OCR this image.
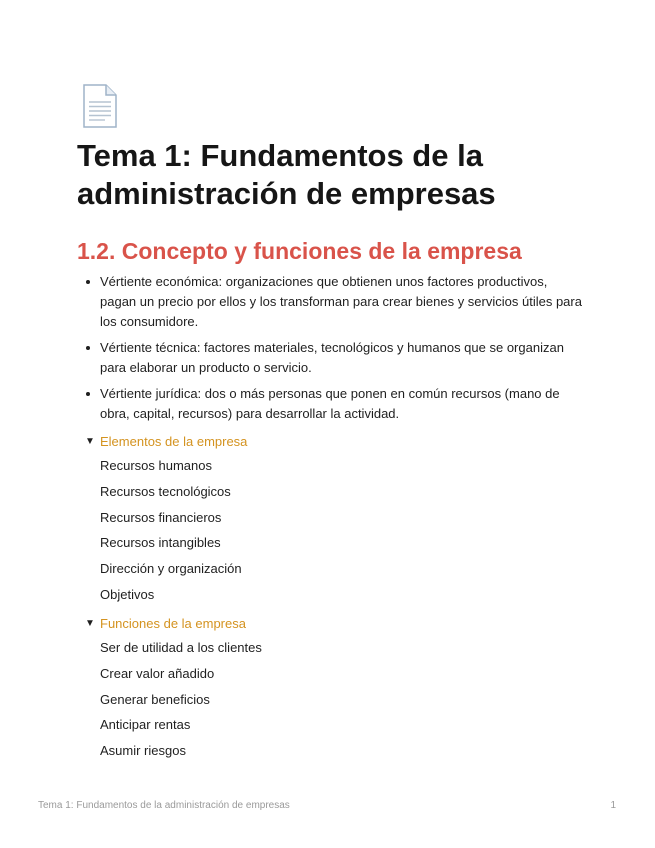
Tema 1: Fundamentos de la administración de empresas
1.2. Concepto y funciones de la empresa
Vértiente económica: organizaciones que obtienen unos factores productivos, pagan un precio por ellos y los transforman para crear bienes y servicios útiles para los consumidore.
Vértiente técnica: factores materiales, tecnológicos y humanos que se organizan para elaborar un producto o servicio.
Vértiente jurídica: dos o más personas que ponen en común recursos (mano de obra, capital, recursos) para desarrollar la actividad.
▼ Elementos de la empresa
Recursos humanos
Recursos tecnológicos
Recursos financieros
Recursos intangibles
Dirección y organización
Objetivos
▼ Funciones de la empresa
Ser de utilidad a los clientes
Crear valor añadido
Generar beneficios
Anticipar rentas
Asumir riesgos
Tema 1: Fundamentos de la administración de empresas	1
